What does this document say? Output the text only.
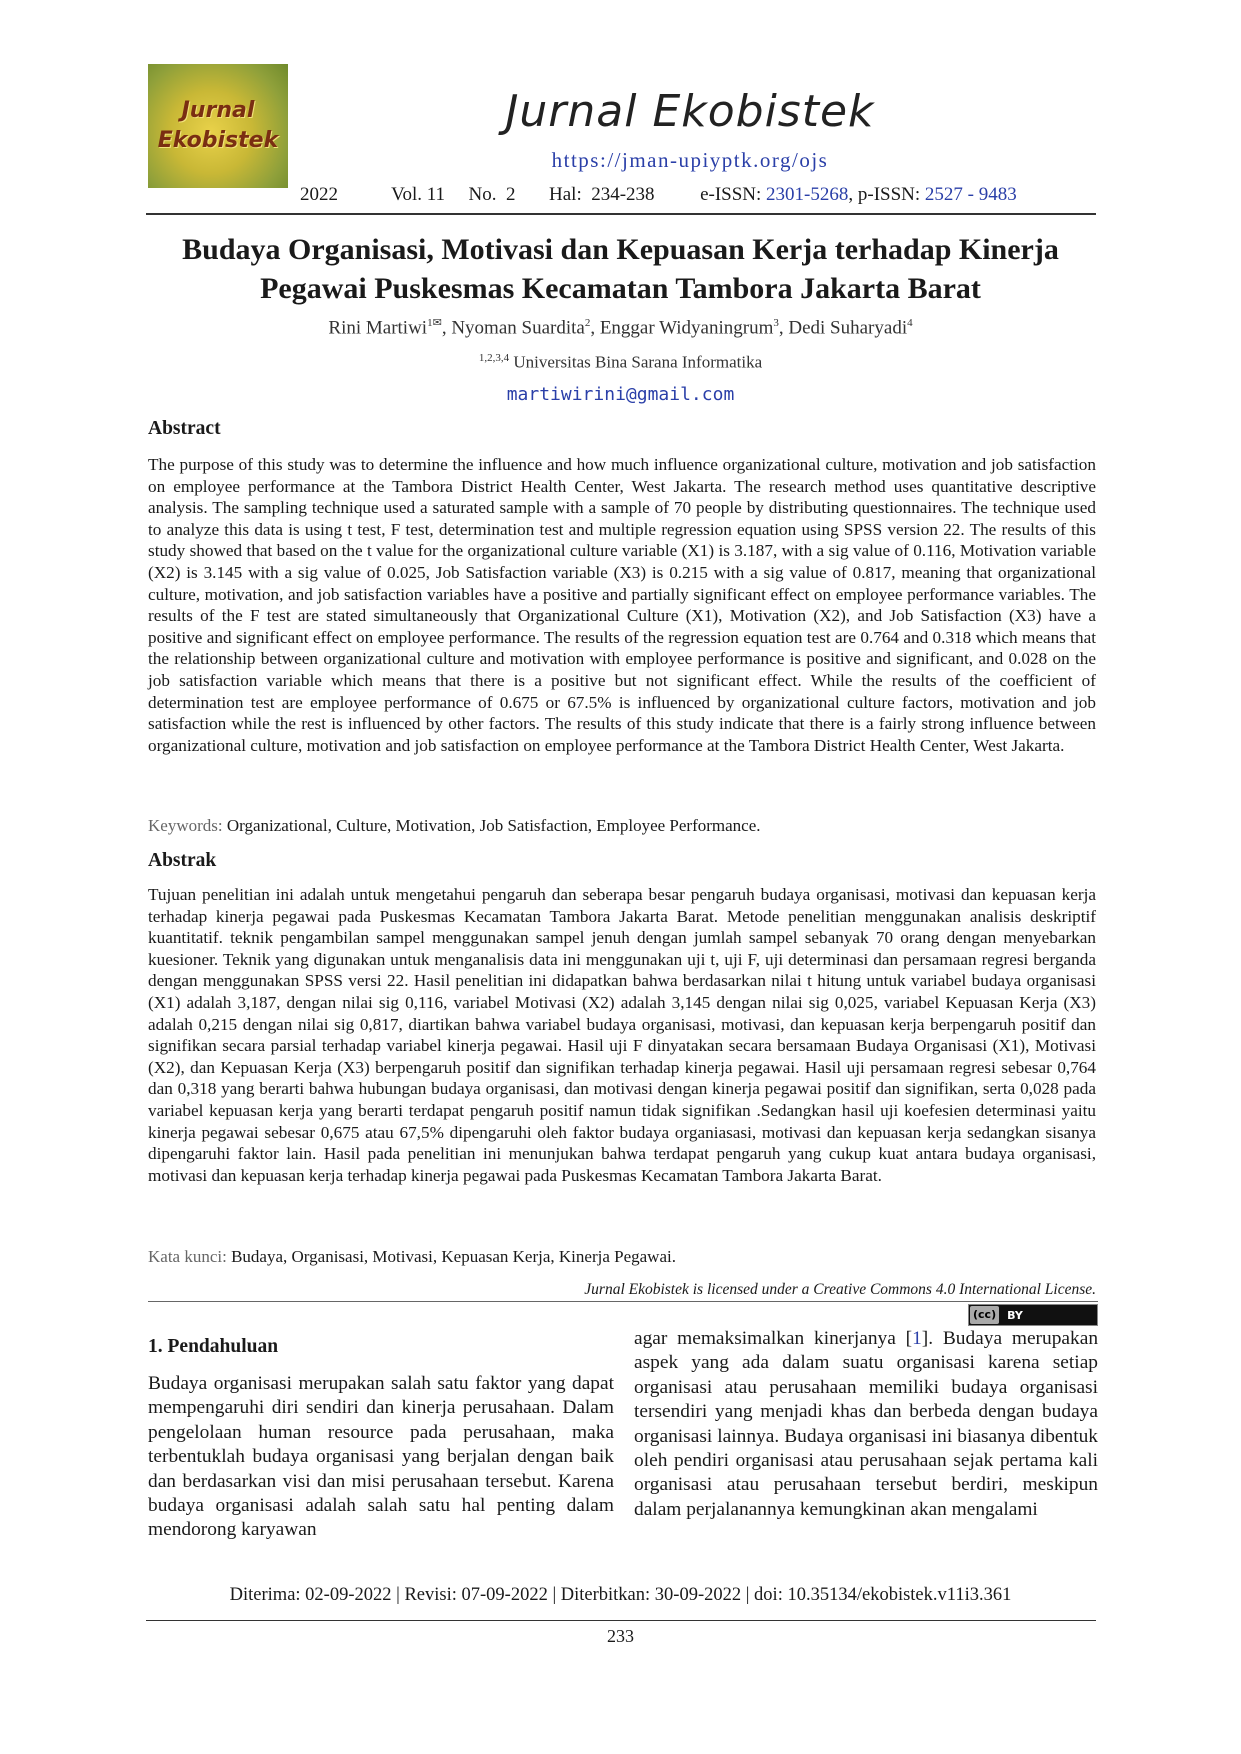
Jurnal
Ekobistek
Jurnal Ekobistek
https://jman-upiyptk.org/ojs
2022	Vol. 11 No.  2 Hal:  234-238 e-ISSN: 2301-5268, p-ISSN: 2527 - 9483
Budaya Organisasi, Motivasi dan Kepuasan Kerja terhadap Kinerja Pegawai Puskesmas Kecamatan Tambora Jakarta Barat
Rini Martiwi$^{1✉}$, Nyoman Suardita$^2$, Enggar Widyaningrum$^3$, Dedi Suharyadi$^4$
$^{1,2,3,4}$ Universitas Bina Sarana Informatika
martiwirini@gmail.com
Abstract
The purpose of this study was to determine the influence and how much influence organizational culture, motivation and job satisfaction on employee performance at the Tambora District Health Center, West Jakarta. The research method uses quantitative descriptive analysis. The sampling technique used a saturated sample with a sample of 70 people by distributing questionnaires. The technique used to analyze this data is using t test, F test, determination test and multiple regression equation using SPSS version 22. The results of this study showed that based on the t value for the organizational culture variable (X1) is 3.187, with a sig value of 0.116, Motivation variable (X2) is 3.145 with a sig value of 0.025, Job Satisfaction variable (X3) is 0.215 with a sig value of 0.817, meaning that organizational culture, motivation, and job satisfaction variables have a positive and partially significant effect on employee performance variables. The results of the F test are stated simultaneously that Organizational Culture (X1), Motivation (X2), and Job Satisfaction (X3) have a positive and significant effect on employee performance. The results of the regression equation test are 0.764 and 0.318 which means that the relationship between organizational culture and motivation with employee performance is positive and significant, and 0.028 on the job satisfaction variable which means that there is a positive but not significant effect. While the results of the coefficient of determination test are employee performance of 0.675 or 67.5% is influenced by organizational culture factors, motivation and job satisfaction while the rest is influenced by other factors. The results of this study indicate that there is a fairly strong influence between organizational culture, motivation and job satisfaction on employee performance at the Tambora District Health Center, West Jakarta.
Keywords: Organizational, Culture, Motivation, Job Satisfaction, Employee Performance.
Abstrak
Tujuan penelitian ini adalah untuk mengetahui pengaruh dan seberapa besar pengaruh budaya organisasi, motivasi dan kepuasan kerja terhadap kinerja pegawai pada Puskesmas Kecamatan Tambora Jakarta Barat. Metode penelitian menggunakan analisis deskriptif kuantitatif. teknik pengambilan sampel menggunakan sampel jenuh dengan jumlah sampel sebanyak 70 orang dengan menyebarkan kuesioner. Teknik yang digunakan untuk menganalisis data ini menggunakan uji t, uji F, uji determinasi dan persamaan regresi berganda dengan menggunakan SPSS versi 22. Hasil penelitian ini didapatkan bahwa berdasarkan nilai t hitung untuk variabel budaya organisasi (X1) adalah 3,187, dengan nilai sig 0,116, variabel Motivasi (X2) adalah 3,145 dengan nilai sig 0,025, variabel Kepuasan Kerja (X3) adalah 0,215 dengan nilai sig 0,817, diartikan bahwa variabel budaya organisasi, motivasi, dan kepuasan kerja berpengaruh positif dan signifikan secara parsial terhadap variabel kinerja pegawai. Hasil uji F dinyatakan secara bersamaan Budaya Organisasi (X1), Motivasi (X2), dan Kepuasan Kerja (X3) berpengaruh positif dan signifikan terhadap kinerja pegawai. Hasil uji persamaan regresi sebesar 0,764 dan 0,318 yang berarti bahwa hubungan budaya organisasi, dan motivasi dengan kinerja pegawai positif dan signifikan, serta 0,028 pada variabel kepuasan kerja yang berarti terdapat pengaruh positif namun tidak signifikan .Sedangkan hasil uji koefesien determinasi yaitu kinerja pegawai sebesar 0,675 atau 67,5% dipengaruhi oleh faktor budaya organiasasi, motivasi dan kepuasan kerja sedangkan sisanya dipengaruhi faktor lain. Hasil pada penelitian ini menunjukan bahwa terdapat pengaruh yang cukup kuat antara budaya organisasi, motivasi dan kepuasan kerja terhadap kinerja pegawai pada Puskesmas Kecamatan Tambora Jakarta Barat.
Kata kunci: Budaya, Organisasi, Motivasi, Kepuasan Kerja, Kinerja Pegawai.
Jurnal Ekobistek is licensed under a Creative Commons 4.0 International License.
(cc) BY
1. Pendahuluan
Budaya organisasi merupakan salah satu faktor yang dapat mempengaruhi diri sendiri dan kinerja perusahaan. Dalam pengelolaan human resource pada perusahaan, maka terbentuklah budaya organisasi yang berjalan dengan baik dan berdasarkan visi dan misi perusahaan tersebut. Karena budaya organisasi adalah salah satu hal penting dalam mendorong karyawan
agar memaksimalkan kinerjanya [1]. Budaya merupakan aspek yang ada dalam suatu organisasi karena setiap organisasi atau perusahaan memiliki budaya organisasi tersendiri yang menjadi khas dan berbeda dengan budaya organisasi lainnya. Budaya organisasi ini biasanya dibentuk oleh pendiri organisasi atau perusahaan sejak pertama kali organisasi atau perusahaan tersebut berdiri, meskipun dalam perjalanannya kemungkinan akan mengalami
Diterima: 02-09-2022 | Revisi: 07-09-2022 | Diterbitkan: 30-09-2022 | doi: 10.35134/ekobistek.v11i3.361
233
